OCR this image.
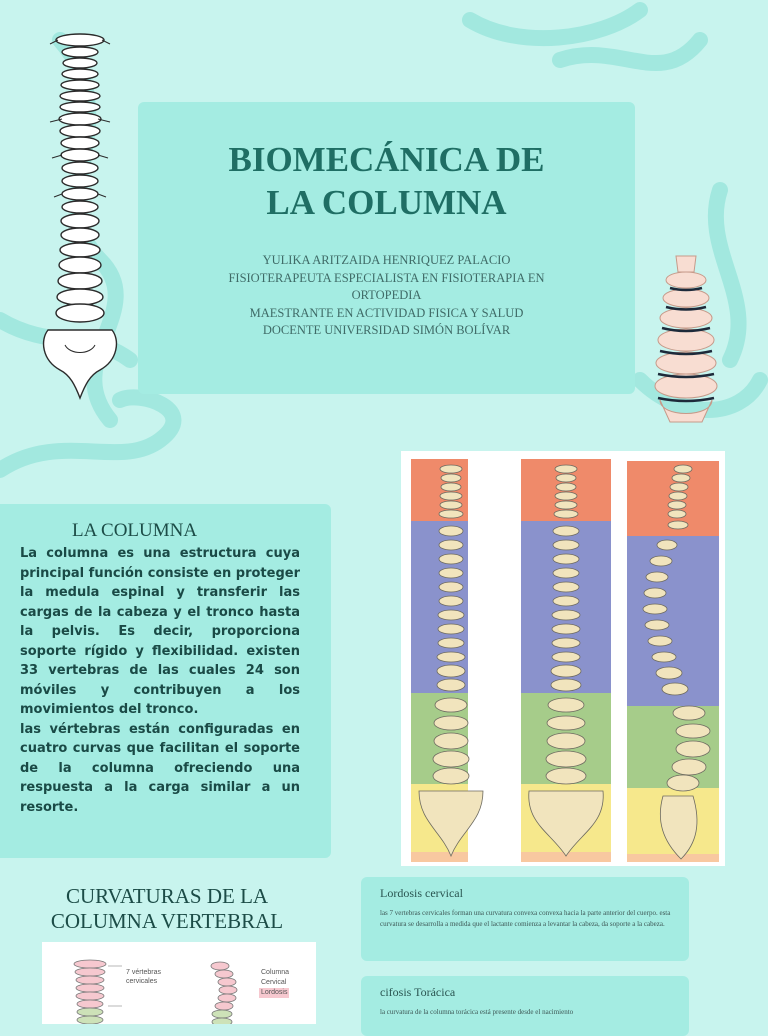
BIOMECÁNICA DE
LA COLUMNA
YULIKA ARITZAIDA HENRIQUEZ PALACIO
FISIOTERAPEUTA ESPECIALISTA EN FISIOTERAPIA EN
ORTOPEDIA
MAESTRANTE EN ACTIVIDAD FISICA Y SALUD
DOCENTE UNIVERSIDAD SIMÓN BOLÍVAR
LA COLUMNA

La columna es una estructura cuya principal función consiste en proteger la medula espinal y transferir las cargas de la cabeza y el tronco hasta la pelvis. Es decir, proporciona soporte rígido y flexibilidad. existen 33 vertebras de las cuales 24 son móviles y contribuyen a los movimientos del tronco.

las vértebras están configuradas en cuatro curvas que facilitan el soporte de la columna ofreciendo una respuesta a la carga similar a un resorte.

CURVATURAS DE LA COLUMNA VERTEBRAL
7 vértebras cervicales
Columna
Cervical
Lordosis
Lordosis cervical

las 7 vertebras cervicales forman una curvatura convexa convexa hacia la parte anterior del cuerpo. esta curvatura se desarrolla a medida que el lactante comienza a levantar la cabeza, da soporte a la cabeza.

cifosis Torácica

la curvatura de la columna torácica está presente desde el nacimiento
